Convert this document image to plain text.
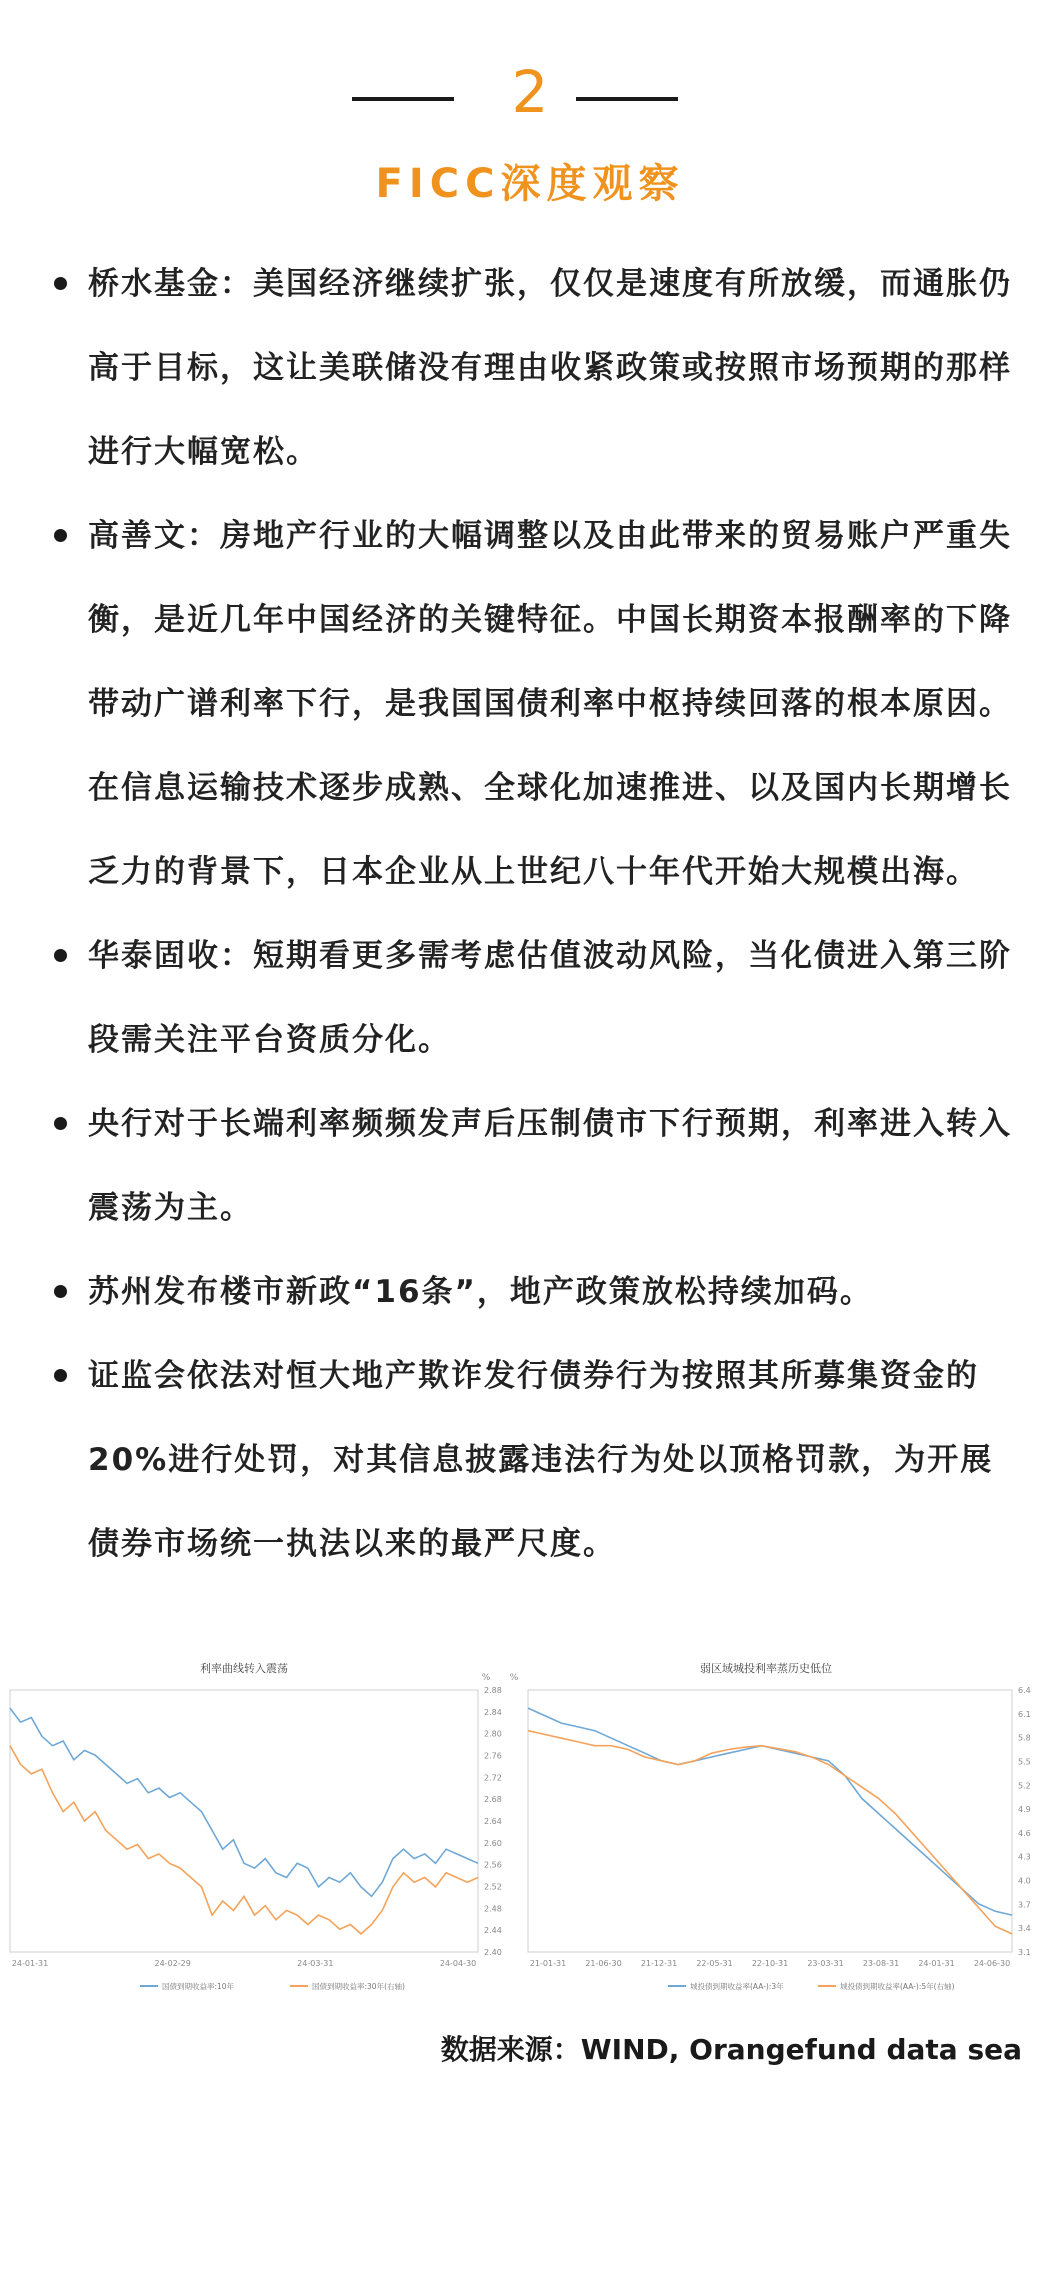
2
FICC深度观察
桥水基金：美国经济继续扩张，仅仅是速度有所放缓，而通胀仍高于目标，这让美联储没有理由收紧政策或按照市场预期的那样进行大幅宽松。
高善文：房地产行业的大幅调整以及由此带来的贸易账户严重失衡，是近几年中国经济的关键特征。中国长期资本报酬率的下降带动广谱利率下行，是我国国债利率中枢持续回落的根本原因。在信息运输技术逐步成熟、全球化加速推进、以及国内长期增长乏力的背景下，日本企业从上世纪八十年代开始大规模出海。
华泰固收：短期看更多需考虑估值波动风险，当化债进入第三阶段需关注平台资质分化。
央行对于长端利率频频发声后压制债市下行预期，利率进入转入震荡为主。
苏州发布楼市新政“16条”，地产政策放松持续加码。
证监会依法对恒大地产欺诈发行债券行为按照其所募集资金的20%进行处罚，对其信息披露违法行为处以顶格罚款，为开展债券市场统一执法以来的最严尺度。
利率曲线转入震荡
2.88
2.84
2.80
2.76
2.72
2.68
2.64
2.60
2.56
2.52
2.48
2.44
2.40
%
24-01-31	24-02-29	24-03-31	24-04-30
国债到期收益率:10年	国债到期收益率:30年(右轴)
弱区域城投利率蒸历史低位
6.4
6.1
5.8
5.5
5.2
4.9
4.6
4.3
4.0
3.7
3.4
3.1
%
21-01-31 21-06-30 21-12-31 22-05-31 22-10-31 23-03-31 23-08-31 24-01-31 24-06-30
城投债到期收益率(AA-):3年	城投债到期收益率(AA-):5年(右轴)
数据来源：WIND, Orangefund data sea
